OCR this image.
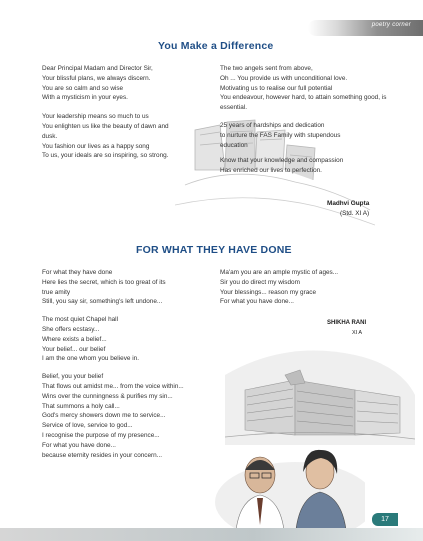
poetry corner
You Make a Difference

Dear Principal Madam and Director Sir,

Your blissful plans, we always discern.

You are so calm and so wise

With a mysticism in your eyes.

Your leadership means so much to us

You enlighten us like the beauty of dawn and

dusk.

You fashion our lives as a happy song

To us, your ideals are so inspiring, so strong.

The two angels sent from above,

Oh ... You provide us with unconditional love.

Motivating us to realise our full potential

You endeavour, however hard, to attain something good, is

essential.

25 years of hardships and dedication

to nurture the FAS Family with stupendous

education

Know that your knowledge and compassion

Has enriched our lives to perfection.

Madhvi Gupta
(Std. XI A)
FOR WHAT THEY HAVE DONE

For what they have done

Here lies the secret, which is too great of its

true amity

Still, you say sir, something's left undone...

The most quiet Chapel hall

She offers ecstasy...

Where exists a belief...

Your belief... our belief

I am the one whom you believe in.

Belief, you your belief

That flows out amidst me... from the voice within...

Wins over the cunningness & purifies my sin...

That summons a holy call...

God's mercy showers down me to service...

Service of love, service to god...

I recognise the purpose of my presence...

For what you have done...

because eternity resides in your concern...

Ma'am you are an ample mystic of ages...

Sir you do direct my wisdom

Your blessings... reason my grace

For what you have done...

SHIKHA RANI
XI A
17
